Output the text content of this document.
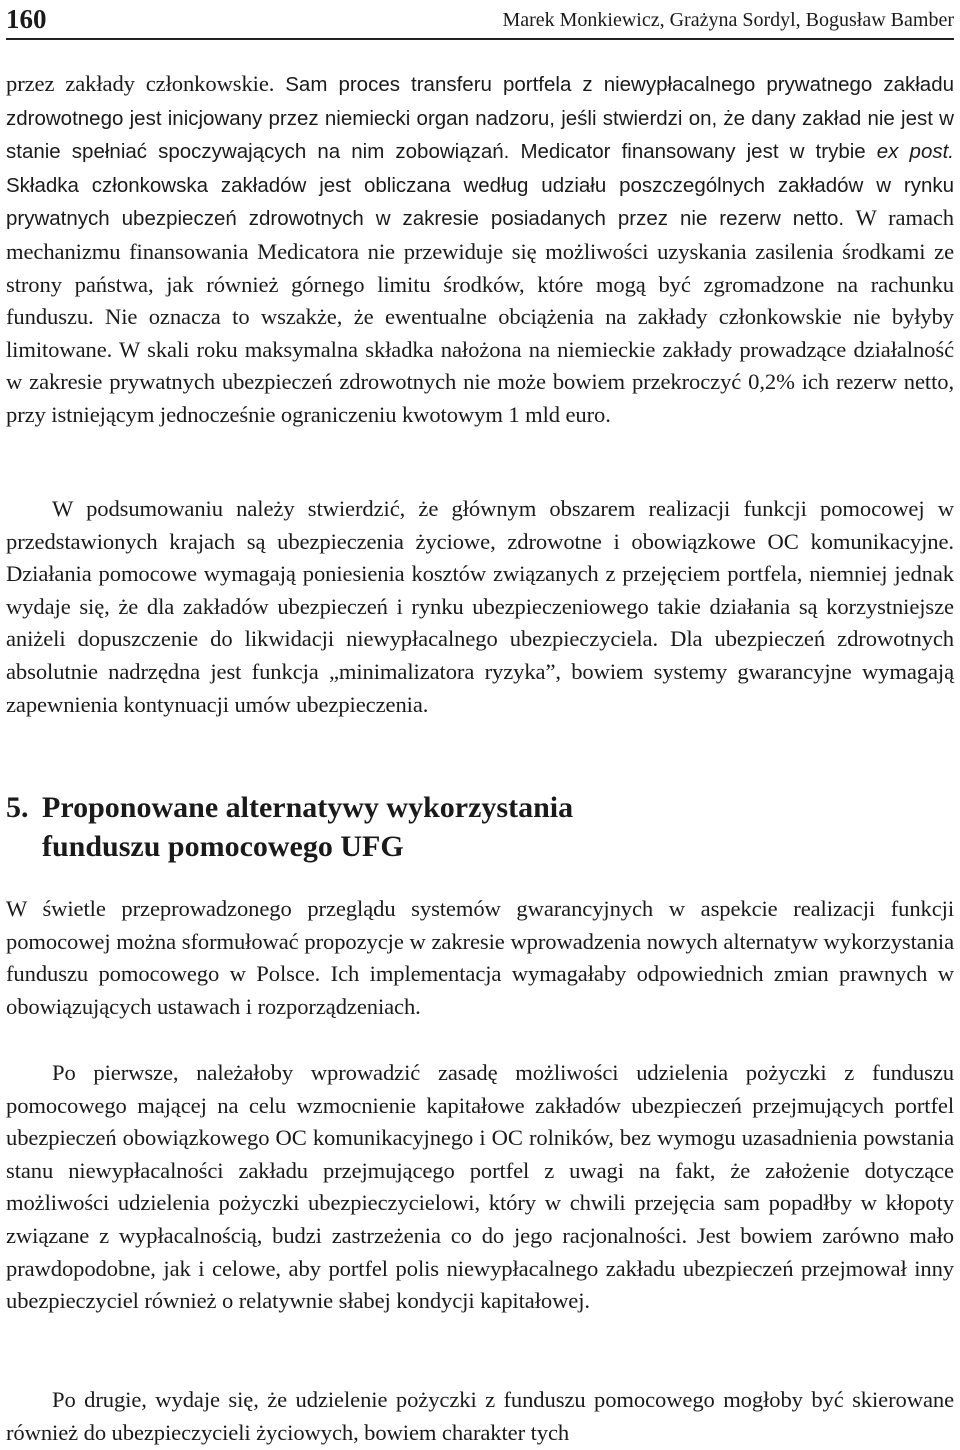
160	Marek Monkiewicz, Grażyna Sordyl, Bogusław Bamber

przez zakłady członkowskie. Sam proces transferu portfela z niewypłacalnego prywatnego zakładu zdrowotnego jest inicjowany przez niemiecki organ nadzoru, jeśli stwierdzi on, że dany zakład nie jest w stanie spełniać spoczywających na nim zobowiązań. Medicator finansowany jest w trybie ex post. Składka członkowska zakładów jest obliczana według udziału poszczególnych zakładów w rynku prywatnych ubezpieczeń zdrowotnych w zakresie posiadanych przez nie rezerw netto. W ramach mechanizmu finansowania Medicatora nie przewiduje się możliwości uzyskania zasilenia środkami ze strony państwa, jak również górnego limitu środków, które mogą być zgromadzone na rachunku funduszu. Nie oznacza to wszakże, że ewentualne obciążenia na zakłady członkowskie nie byłyby limitowane. W skali roku maksymalna składka nałożona na niemieckie zakłady prowadzące działalność w zakresie prywatnych ubezpieczeń zdrowotnych nie może bowiem przekroczyć 0,2% ich rezerw netto, przy istniejącym jednocześnie ograniczeniu kwotowym 1 mld euro.

W podsumowaniu należy stwierdzić, że głównym obszarem realizacji funkcji pomocowej w przedstawionych krajach są ubezpieczenia życiowe, zdrowotne i obowiązkowe OC komunikacyjne. Działania pomocowe wymagają poniesienia kosztów związanych z przejęciem portfela, niemniej jednak wydaje się, że dla zakładów ubezpieczeń i rynku ubezpieczeniowego takie działania są korzystniejsze aniżeli dopuszczenie do likwidacji niewypłacalnego ubezpieczyciela. Dla ubezpieczeń zdrowotnych absolutnie nadrzędna jest funkcja „minimalizatora ryzyka”, bowiem systemy gwarancyjne wymagają zapewnienia kontynuacji umów ubezpieczenia.

5. Proponowane alternatywy wykorzystania
funduszu pomocowego UFG

W świetle przeprowadzonego przeglądu systemów gwarancyjnych w aspekcie realizacji funkcji pomocowej można sformułować propozycje w zakresie wprowadzenia nowych alternatyw wykorzystania funduszu pomocowego w Polsce. Ich implementacja wymagałaby odpowiednich zmian prawnych w obowiązujących ustawach i rozporządzeniach.

Po pierwsze, należałoby wprowadzić zasadę możliwości udzielenia pożyczki z funduszu pomocowego mającej na celu wzmocnienie kapitałowe zakładów ubezpieczeń przejmujących portfel ubezpieczeń obowiązkowego OC komunikacyjnego i OC rolników, bez wymogu uzasadnienia powstania stanu niewypłacalności zakładu przejmującego portfel z uwagi na fakt, że założenie dotyczące możliwości udzielenia pożyczki ubezpieczycielowi, który w chwili przejęcia sam popadłby w kłopoty związane z wypłacalnością, budzi zastrzeżenia co do jego racjonalności. Jest bowiem zarówno mało prawdopodobne, jak i celowe, aby portfel polis niewypłacalnego zakładu ubezpieczeń przejmował inny ubezpieczyciel również o relatywnie słabej kondycji kapitałowej.

Po drugie, wydaje się, że udzielenie pożyczki z funduszu pomocowego mogłoby być skierowane również do ubezpieczycieli życiowych, bowiem charakter tych
